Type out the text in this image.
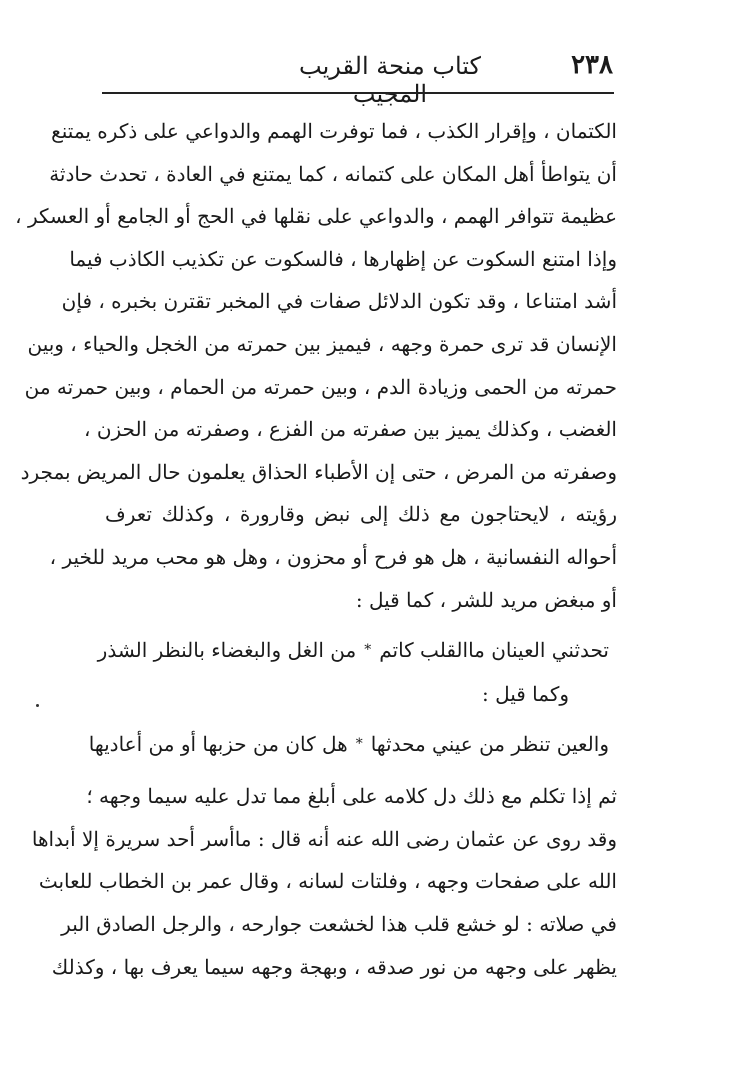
٢٣٨
كتاب منحة القريب المجيب
الكتمان ، وإقرار الكذب ، فما توفرت الهمم والدواعي على ذكره يمتنع
أن يتواطأ أهل المكان على كتمانه ، كما يمتنع في العادة ، تحدث حادثة
عظيمة تتوافر الهمم ، والدواعي على نقلها في الحج أو الجامع أو العسكر ،
وإذا امتنع السكوت عن إظهارها ، فالسكوت عن تكذيب الكاذب فيما
أشد امتناعا ، وقد تكون الدلائل صفات في المخبر تقترن بخبره ، فإن
الإنسان قد ترى حمرة وجهه ، فيميز بين حمرته من الخجل والحياء ، وبين
حمرته من الحمى وزيادة الدم ، وبين حمرته من الحمام ، وبين حمرته من
الغضب ، وكذلك يميز بين صفرته من الفزع ، وصفرته من الحزن ،
وصفرته من المرض ، حتى إن الأطباء الحذاق يعلمون حال المريض بمجرد
رؤيته ، لايحتاجون مع ذلك إلى نبض وقارورة ، وكذلك تعرف
أحواله النفسانية ، هل هو فرح أو محزون ، وهل هو محب مريد للخير ،
أو مبغض مريد للشر ، كما قيل :
تحدثني العينان ماالقلب كاتم
*
من الغل والبغضاء بالنظر الشذر
وكما قيل :
والعين تنظر من عيني محدثها
*
هل كان من حزبها أو من أعاديها
ثم إذا تكلم مع ذلك دل كلامه على أبلغ مما تدل عليه سيما وجهه ؛
وقد روى عن عثمان رضى الله عنه أنه قال : ماأسر أحد سريرة إلا أبداها
الله على صفحات وجهه ، وفلتات لسانه ، وقال عمر بن الخطاب للعابث
في صلاته : لو خشع قلب هذا لخشعت جوارحه ، والرجل الصادق البر
يظهر على وجهه من نور صدقه ، وبهجة وجهه سيما يعرف بها ، وكذلك
